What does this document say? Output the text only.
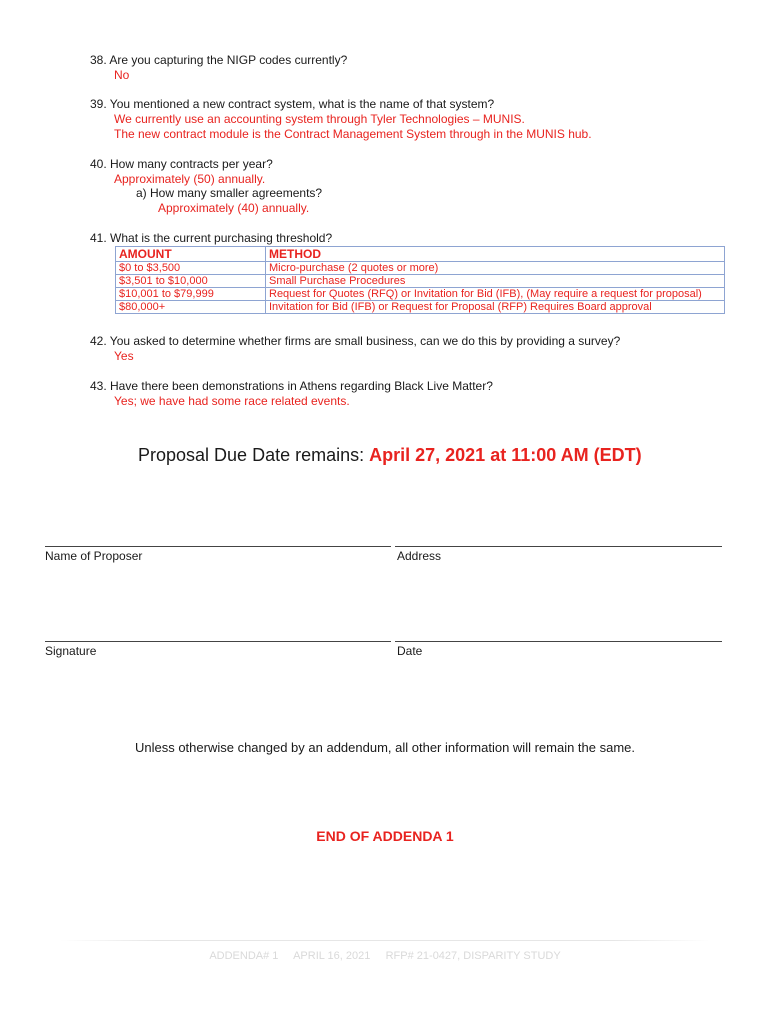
38. Are you capturing the NIGP codes currently?
No
39. You mentioned a new contract system, what is the name of that system?
We currently use an accounting system through Tyler Technologies – MUNIS.
The new contract module is the Contract Management System through in the MUNIS hub.
40. How many contracts per year?
Approximately (50) annually.
a) How many smaller agreements?
Approximately (40) annually.
41. What is the current purchasing threshold?
AMOUNT	METHOD
$0 to $3,500	Micro-purchase (2 quotes or more)
$3,501 to $10,000	Small Purchase Procedures
$10,001 to $79,999	Request for Quotes (RFQ) or Invitation for Bid (IFB), (May require a request for proposal)
$80,000+	Invitation for Bid (IFB) or Request for Proposal (RFP) Requires Board approval
42. You asked to determine whether firms are small business, can we do this by providing a survey?
Yes
43. Have there been demonstrations in Athens regarding Black Live Matter?
Yes; we have had some race related events.
Proposal Due Date remains: April 27, 2021 at 11:00 AM (EDT)
Name of Proposer	Address
Signature	Date
Unless otherwise changed by an addendum, all other information will remain the same.
END OF ADDENDA 1
ADDENDA# 1     APRIL 16, 2021     RFP# 21-0427, DISPARITY STUDY
